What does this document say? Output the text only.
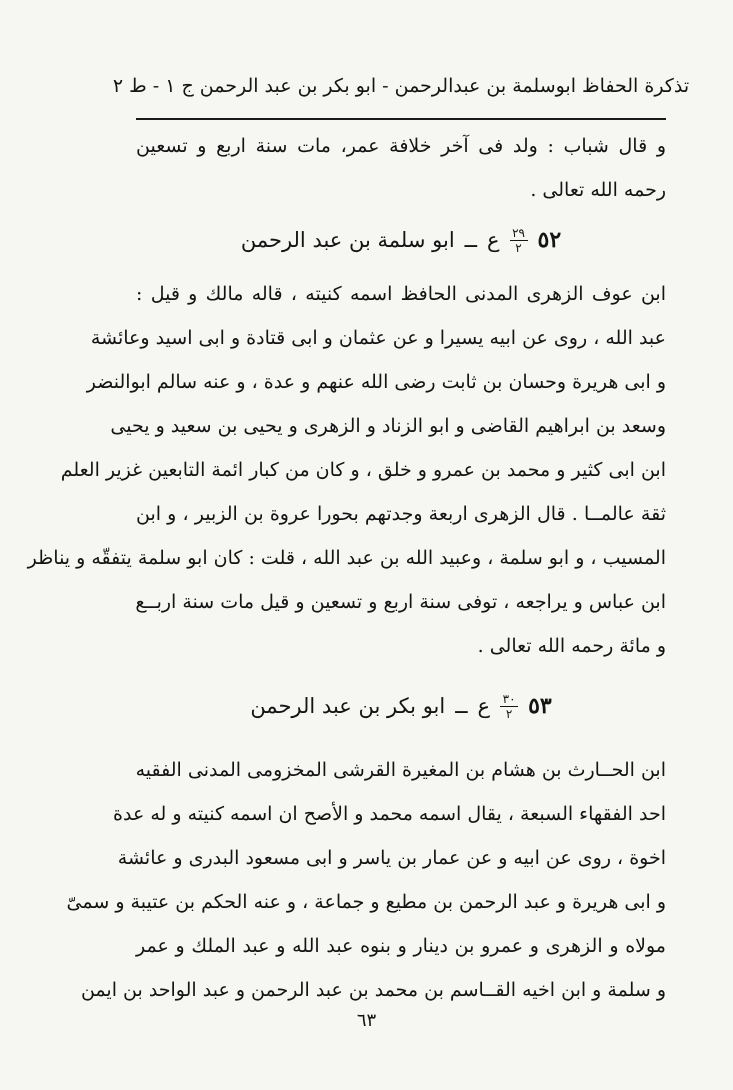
تذكرة الحفاظ ابوسلمة بن عبدالرحمن - ابو بكر بن عبد الرحمن ج ١ - ط ٢
و قال شباب : ولد فى آخر خلافة عمر، مات سنة اربع و تسعين
رحمه الله تعالى .
٥٢
$\frac{٢٩}{٢}$
ع
ــ
ابو سلمة بن عبد الرحمن
ابن عوف الزهرى المدنى الحافظ اسمه كنيته ، قاله مالك و قيل :
عبد الله ، روى عن ابيه يسيرا و عن عثمان و ابى قتادة و ابى اسيد وعائشة
و ابى هريرة وحسان بن ثابت رضى الله عنهم و عدة ، و عنه سالم ابوالنضر
وسعد بن ابراهيم القاضى و ابو الزناد و الزهرى و يحيى بن سعيد و يحيى
ابن ابى كثير و محمد بن عمرو و خلق ، و كان من كبار ائمة التابعين غزير العلم
ثقة عالمــا . قال الزهرى اربعة وجدتهم بحورا عروة بن الزبير ، و ابن
المسيب ، و ابو سلمة ، وعبيد الله بن عبد الله ، قلت : كان ابو سلمة يتفقّه و يناظر
ابن عباس و يراجعه ، توفى سنة اربع و تسعين و قيل مات سنة اربــع
و مائة رحمه الله تعالى .
٥٣
$\frac{٣٠}{٢}$
ع
ــ
ابو بكر بن عبد الرحمن
ابن الحــارث بن هشام بن المغيرة القرشى المخزومى المدنى الفقيه
احد الفقهاء السبعة ، يقال اسمه محمد و الأصح ان اسمه كنيته و له عدة
اخوة ، روى عن ابيه و عن عمار بن ياسر و ابى مسعود البدرى و عائشة
و ابى هريرة و عبد الرحمن بن مطيع و جماعة ، و عنه الحكم بن عتيبة و سمىّ
مولاه و الزهرى و عمرو بن دينار و بنوه عبد الله و عبد الملك و عمر
و سلمة و ابن اخيه القــاسم بن محمد بن عبد الرحمن و عبد الواحد بن ايمن
٦٣
